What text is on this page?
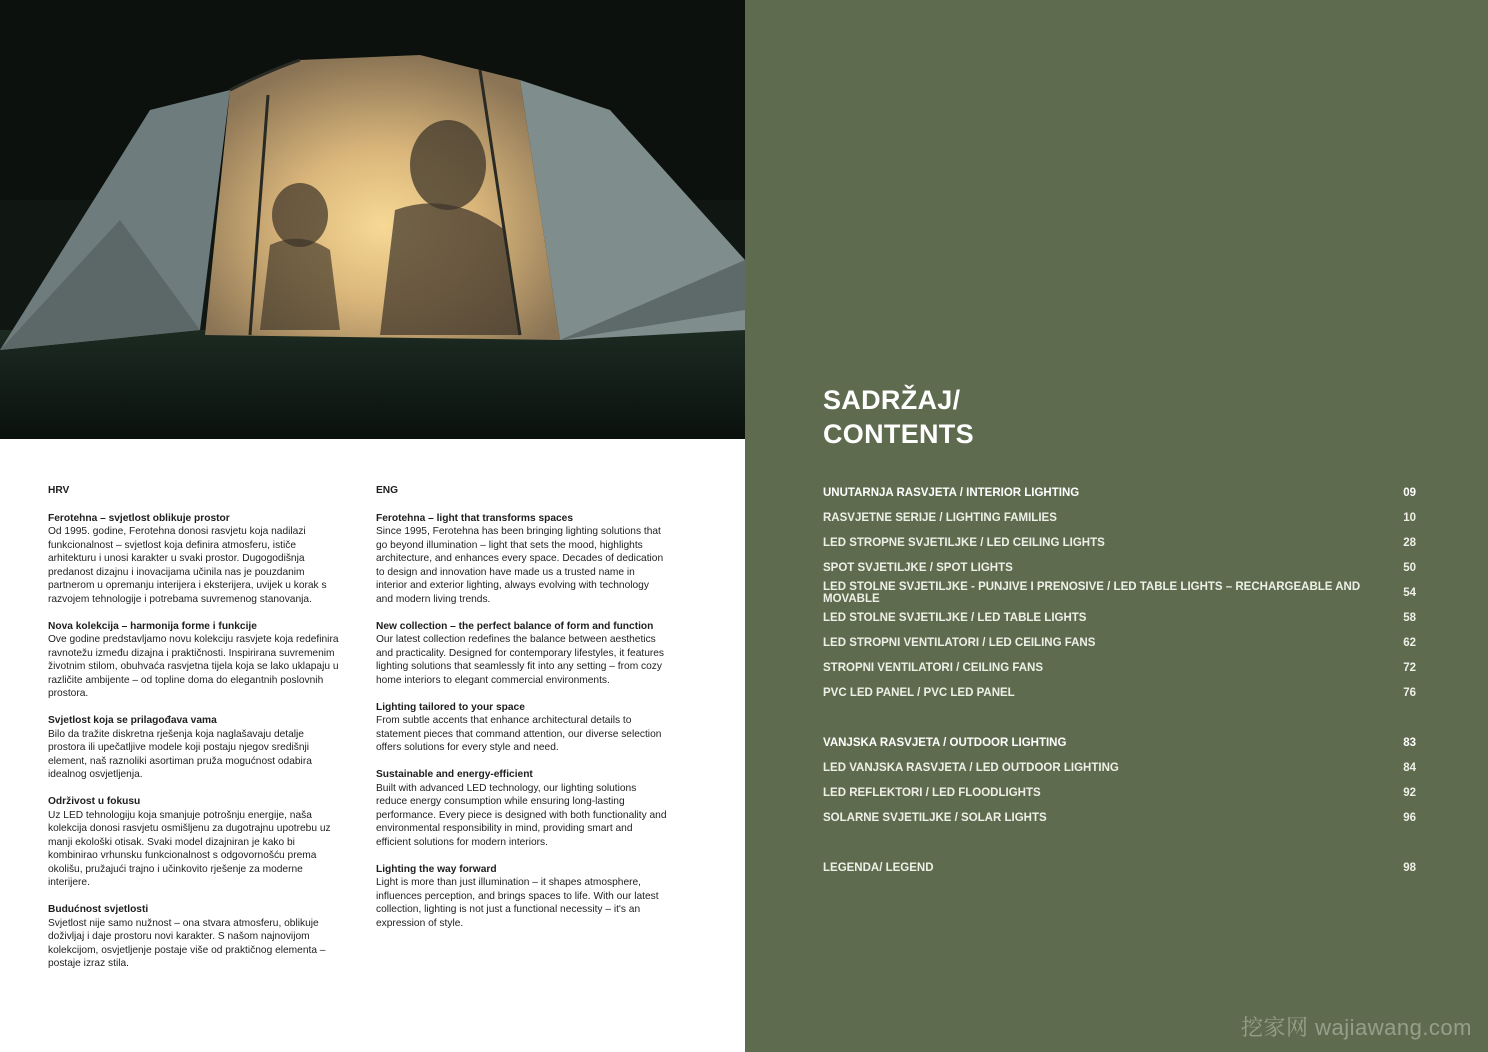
HRV
Ferotehna – svjetlost oblikuje prostor

Od 1995. godine, Ferotehna donosi rasvjetu koja nadilazi funkcionalnost – svjetlost koja definira atmosferu, ističe arhitekturu i unosi karakter u svaki prostor. Dugogodišnja predanost dizajnu i inovacijama učinila nas je pouzdanim partnerom u opremanju interijera i eksterijera, uvijek u korak s razvojem tehnologije i potrebama suvremenog stanovanja.

Nova kolekcija – harmonija forme i funkcije

Ove godine predstavljamo novu kolekciju rasvjete koja redefinira ravnotežu između dizajna i praktičnosti. Inspirirana suvremenim životnim stilom, obuhvaća rasvjetna tijela koja se lako uklapaju u različite ambijente – od topline doma do elegantnih poslovnih prostora.

Svjetlost koja se prilagođava vama

Bilo da tražite diskretna rješenja koja naglašavaju detalje prostora ili upečatljive modele koji postaju njegov središnji element, naš raznoliki asortiman pruža mogućnost odabira idealnog osvjetljenja.

Održivost u fokusu

Uz LED tehnologiju koja smanjuje potrošnju energije, naša kolekcija donosi rasvjetu osmišljenu za dugotrajnu upotrebu uz manji ekološki otisak. Svaki model dizajniran je kako bi kombinirao vrhunsku funkcionalnost s odgovornošću prema okolišu, pružajući trajno i učinkovito rješenje za moderne interijere.

Budućnost svjetlosti

Svjetlost nije samo nužnost – ona stvara atmosferu, oblikuje doživljaj i daje prostoru novi karakter. S našom najnovijom kolekcijom, osvjetljenje postaje više od praktičnog elementa – postaje izraz stila.

ENG
Ferotehna – light that transforms spaces

Since 1995, Ferotehna has been bringing lighting solutions that go beyond illumination – light that sets the mood, highlights architecture, and enhances every space. Decades of dedication to design and innovation have made us a trusted name in interior and exterior lighting, always evolving with technology and modern living trends.

New collection – the perfect balance of form and function

Our latest collection redefines the balance between aesthetics and practicality. Designed for contemporary lifestyles, it features lighting solutions that seamlessly fit into any setting – from cozy home interiors to elegant commercial environments.

Lighting tailored to your space

From subtle accents that enhance architectural details to statement pieces that command attention, our diverse selection offers solutions for every style and need.

Sustainable and energy-efficient

Built with advanced LED technology, our lighting solutions reduce energy consumption while ensuring long-lasting performance. Every piece is designed with both functionality and environmental responsibility in mind, providing smart and efficient solutions for modern interiors.

Lighting the way forward

Light is more than just illumination – it shapes atmosphere, influences perception, and brings spaces to life. With our latest collection, lighting is not just a functional necessity – it's an expression of style.

SADRŽAJ/
CONTENTS
UNUTARNJA RASVJETA / INTERIOR LIGHTING	09
RASVJETNE SERIJE / LIGHTING FAMILIES	10
LED STROPNE SVJETILJKE / LED CEILING LIGHTS	28
SPOT SVJETILJKE / SPOT LIGHTS	50
LED STOLNE SVJETILJKE - PUNJIVE I PRENOSIVE / LED TABLE LIGHTS – RECHARGEABLE AND MOVABLE	54
LED STOLNE SVJETILJKE / LED TABLE LIGHTS	58
LED STROPNI VENTILATORI / LED CEILING FANS	62
STROPNI VENTILATORI / CEILING FANS	72
PVC LED PANEL / PVC LED PANEL	76
VANJSKA RASVJETA / OUTDOOR LIGHTING	83
LED VANJSKA RASVJETA / LED OUTDOOR LIGHTING	84
LED REFLEKTORI / LED FLOODLIGHTS	92
SOLARNE SVJETILJKE / SOLAR LIGHTS	96
LEGENDA/ LEGEND	98
挖家网 wajiawang.com
